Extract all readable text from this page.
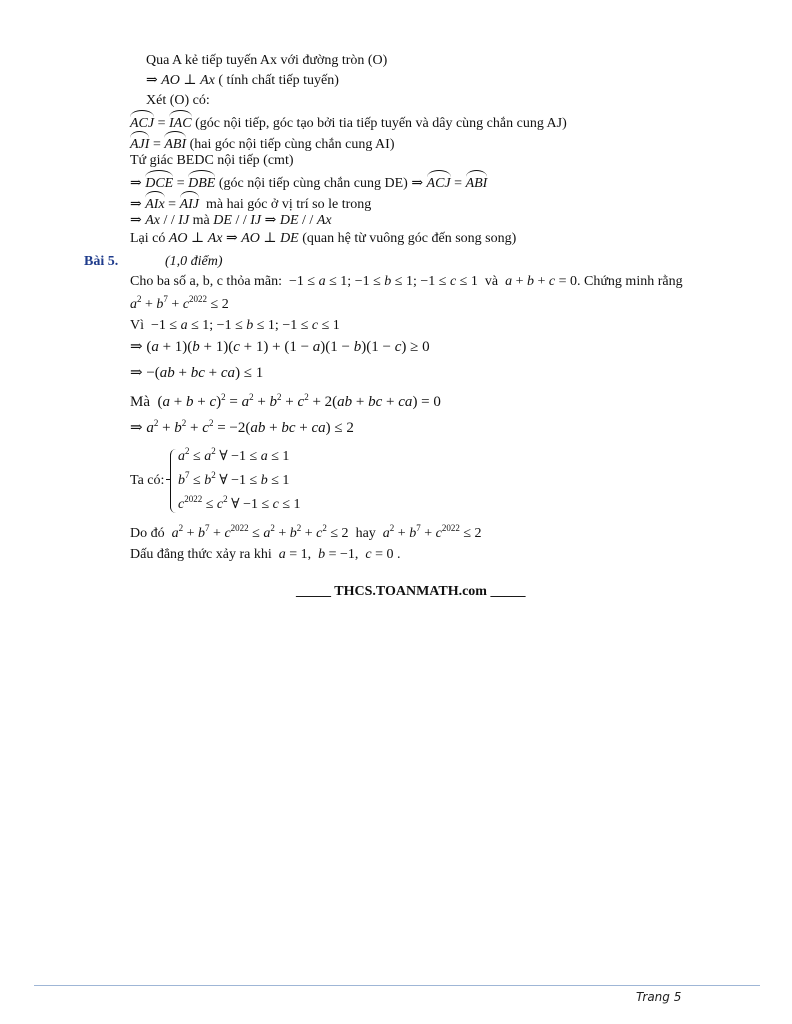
Qua A kẻ tiếp tuyến Ax với đường tròn (O)
⇒ AO ⊥ Ax ( tính chất tiếp tuyến)
Xét (O) có:
ACJ = IAC (góc nội tiếp, góc tạo bởi tia tiếp tuyến và dây cùng chắn cung AJ)
AJI = ABI (hai góc nội tiếp cùng chắn cung AI)
Tứ giác BEDC nội tiếp (cmt)
⇒ DCE = DBE (góc nội tiếp cùng chắn cung DE) ⇒ ACJ = ABI
⇒ AIx = AIJ mà hai góc ở vị trí so le trong
⇒ Ax / / IJ mà DE / / IJ ⇒ DE / / Ax
Lại có AO ⊥ Ax ⇒ AO ⊥ DE (quan hệ từ vuông góc đến song song)
Bài 5.	(1,0 điểm)
Cho ba số a, b, c thỏa mãn:  −1 ≤ a ≤ 1; −1 ≤ b ≤ 1; −1 ≤ c ≤ 1  và a + b + c = 0. Chứng minh rằng
$a^2 + b^7 + c^{2022} \le 2$
Vì  −1 ≤ a ≤ 1; −1 ≤ b ≤ 1; −1 ≤ c ≤ 1
⇒ (a + 1)(b + 1)(c + 1) + (1 − a)(1 − b)(1 − c) ≥ 0
⇒ −(ab + bc + ca) ≤ 1
Mà  $(a + b + c)^2 = a^2 + b^2 + c^2 + 2(ab$ + bc + ca) = 0
⇒ $a^2 + b^2 + c^2 = -2(ab$ + bc + ca) ≤ 2
Ta có:
$a^2 \le a^2$ ∀ −1 ≤ a ≤ 1
$b^7 \le b^2$ ∀ −1 ≤ b ≤ 1
$c^{2022} \le c^2$ ∀ −1 ≤ c ≤ 1
Do đó $a^2 + b^7 + c^{2022} \le a^2 + b^2 + c^2 \le 2$  hay $a^2 + b^7 + c^{2022} \le 2$
Dấu đẳng thức xảy ra khi a = 1,  b = −1,  c = 0 .
_____ THCS.TOANMATH.com _____
Trang 5
